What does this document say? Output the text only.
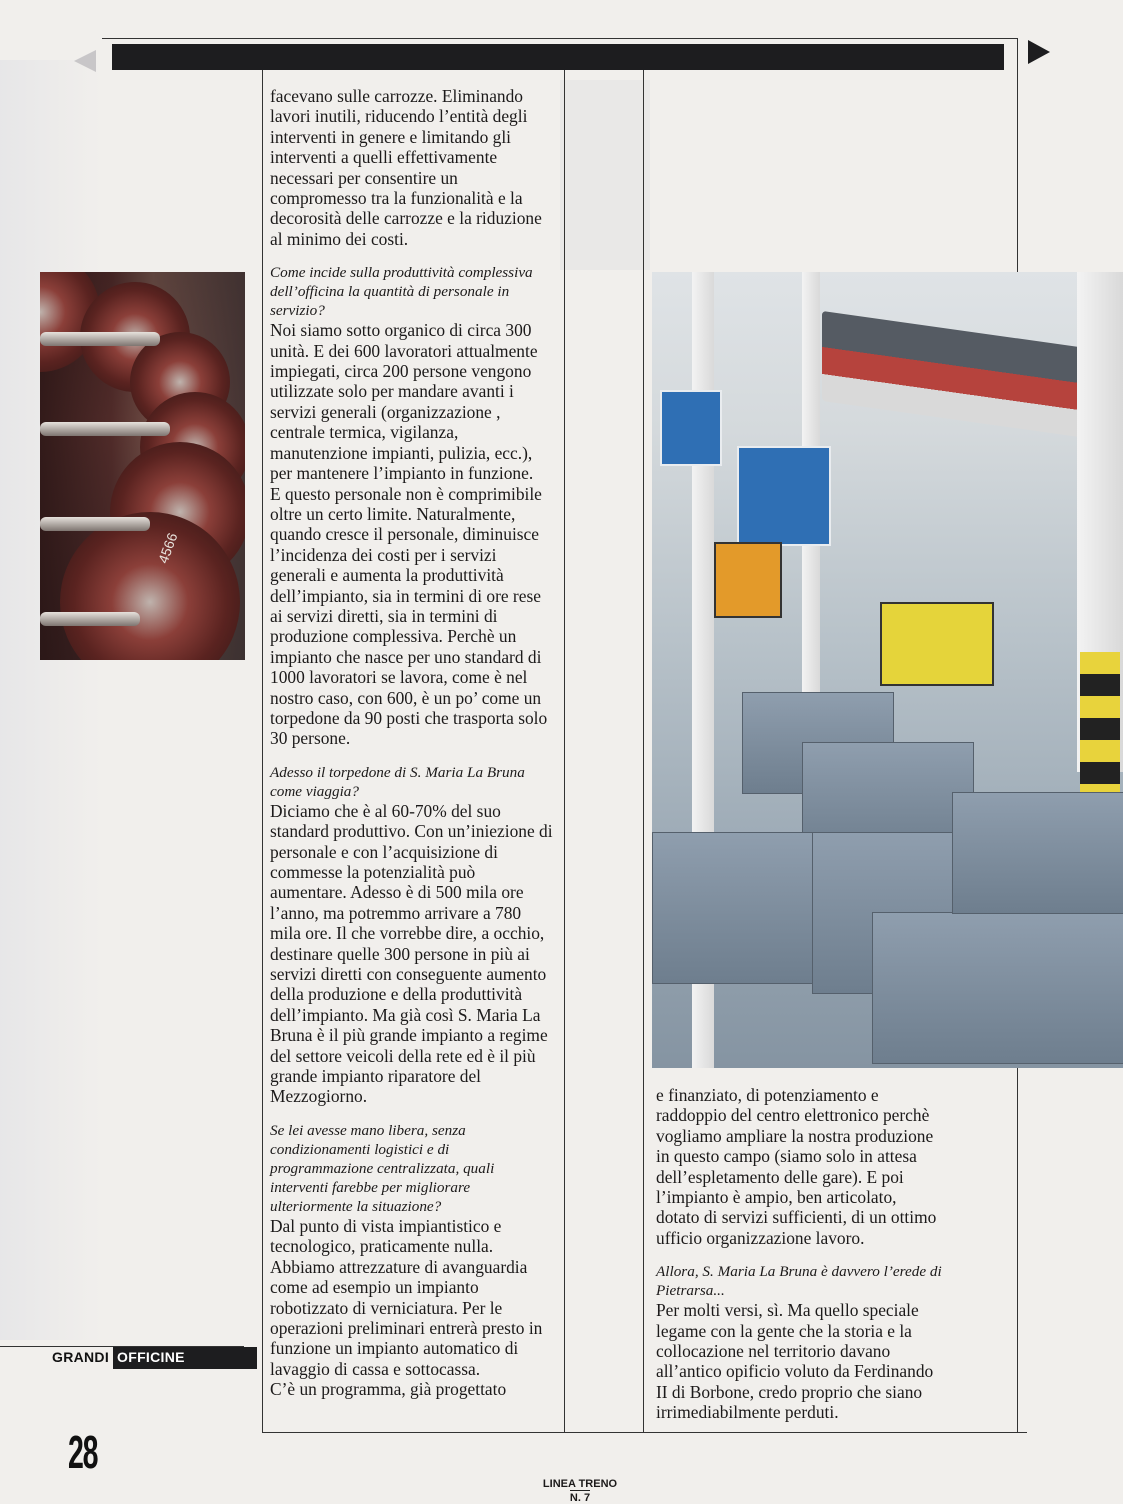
4566

facevano sulle carrozze. Eliminando lavori inutili, riducendo l’entità degli interventi in genere e limitando gli interventi a quelli effettivamente necessari per consentire un compromesso tra la funzionalità e la decorosità delle carrozze e la riduzione al minimo dei costi.

Come incide sulla produttività complessiva dell’officina la quantità di personale in servizio?

Noi siamo sotto organico di circa 300 unità. E dei 600 lavoratori attualmente impiegati, circa 200 persone vengono utilizzate solo per mandare avanti i servizi generali (organizzazione , centrale termica, vigilanza, manutenzione impianti, pulizia, ecc.), per mantenere l’impianto in funzione.

E questo personale non è comprimibile oltre un certo limite. Naturalmente, quando cresce il personale, diminuisce l’incidenza dei costi per i servizi generali e aumenta la produttività dell’impianto, sia in termini di ore rese ai servizi diretti, sia in termini di produzione complessiva. Perchè un impianto che nasce per uno standard di 1000 lavoratori se lavora, come è nel nostro caso, con 600, è un po’ come un torpedone da 90 posti che trasporta solo 30 persone.

Adesso il torpedone di S. Maria La Bruna come viaggia?

Diciamo che è al 60-70% del suo standard produttivo. Con un’iniezione di personale e con l’acquisizione di commesse la potenzialità può aumentare. Adesso è di 500 mila ore l’anno, ma potremmo arrivare a 780 mila ore. Il che vorrebbe dire, a occhio, destinare quelle 300 persone in più ai servizi diretti con conseguente aumento della produzione e della produttività dell’impianto. Ma già così S. Maria La Bruna è il più grande impianto a regime del settore veicoli della rete ed è il più grande impianto riparatore del Mezzogiorno.

Se lei avesse mano libera, senza condizionamenti logistici e di programmazione centralizzata, quali interventi farebbe per migliorare ulteriormente la situazione?

Dal punto di vista impiantistico e tecnologico, praticamente nulla. Abbiamo attrezzature di avanguardia come ad esempio un impianto robotizzato di verniciatura. Per le operazioni preliminari entrerà presto in funzione un impianto automatico di lavaggio di cassa e sottocassa.

C’è un programma, già progettato

e finanziato, di potenziamento e raddoppio del centro elettronico perchè vogliamo ampliare la nostra produzione in questo campo (siamo solo in attesa dell’espletamento delle gare). E poi l’impianto è ampio, ben articolato, dotato di servizi sufficienti, di un ottimo ufficio organizzazione lavoro.

Allora, S. Maria La Bruna è davvero l’erede di Pietrarsa...

Per molti versi, sì. Ma quello speciale legame con la gente che la storia e la collocazione nel territorio davano all’antico opificio voluto da Ferdinando II di Borbone, credo proprio che siano irrimediabilmente perduti.

GRANDI OFFICINE
28
LINEA TRENO
N. 7
